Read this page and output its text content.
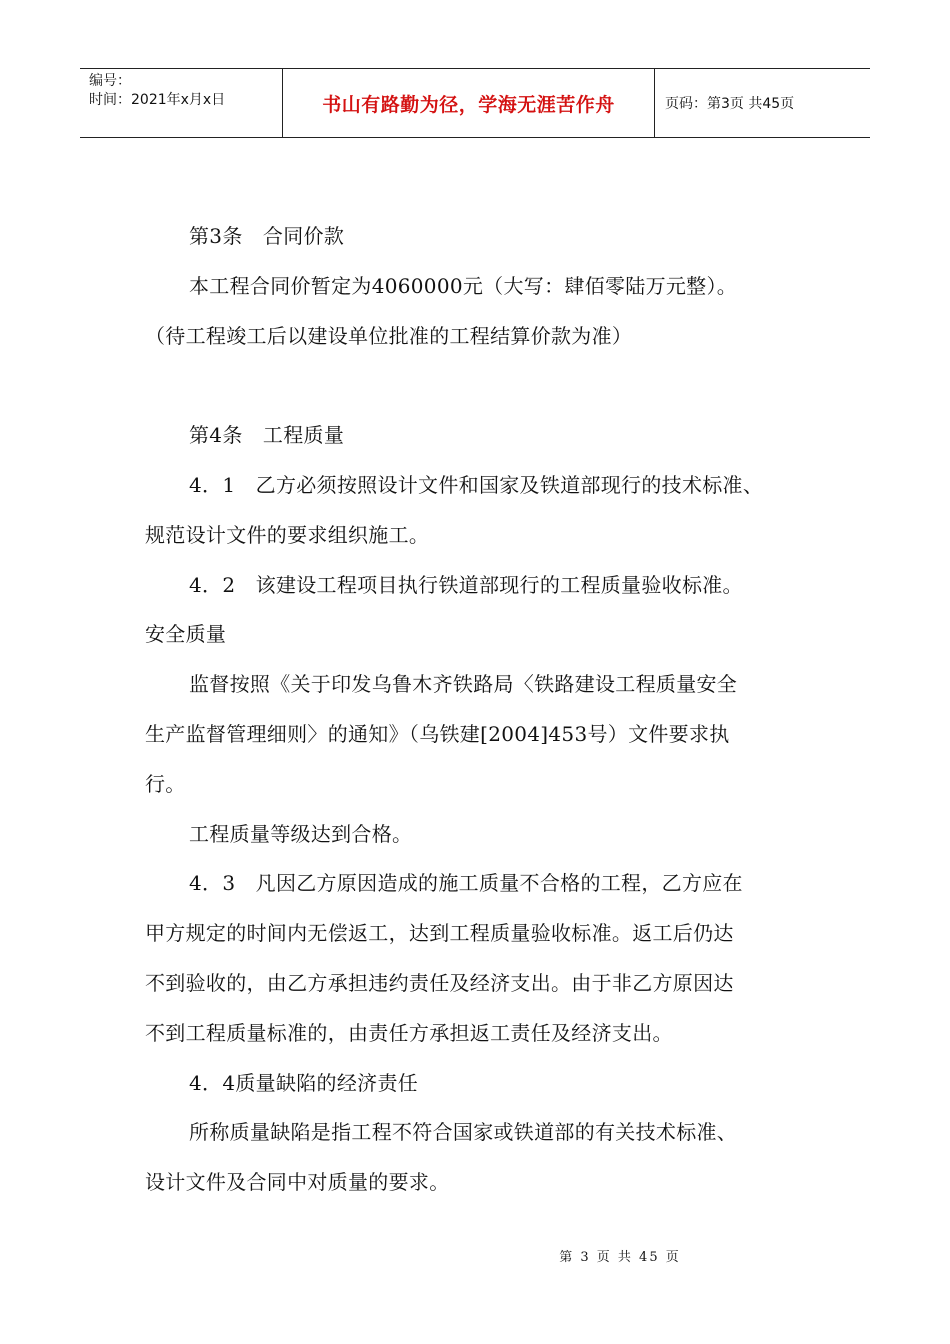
编号：
时间：2021年x月x日	书山有路勤为径，学海无涯苦作舟	页码：第3页 共45页

第3条　合同价款

本工程合同价暂定为4060000元（大写：肆佰零陆万元整）。

（待工程竣工后以建设单位批准的工程结算价款为准）

第4条　工程质量

4．1　乙方必须按照设计文件和国家及铁道部现行的技术标准、

规范设计文件的要求组织施工。

4．2　该建设工程项目执行铁道部现行的工程质量验收标准。

安全质量

监督按照《关于印发乌鲁木齐铁路局〈铁路建设工程质量安全

生产监督管理细则〉的通知》（乌铁建[2004]453号）文件要求执

行。

工程质量等级达到合格。

4．3　凡因乙方原因造成的施工质量不合格的工程，乙方应在

甲方规定的时间内无偿返工，达到工程质量验收标准。返工后仍达

不到验收的，由乙方承担违约责任及经济支出。由于非乙方原因达

不到工程质量标准的，由责任方承担返工责任及经济支出。

4．4质量缺陷的经济责任

所称质量缺陷是指工程不符合国家或铁道部的有关技术标准、

设计文件及合同中对质量的要求。

第 3 页 共 45 页
